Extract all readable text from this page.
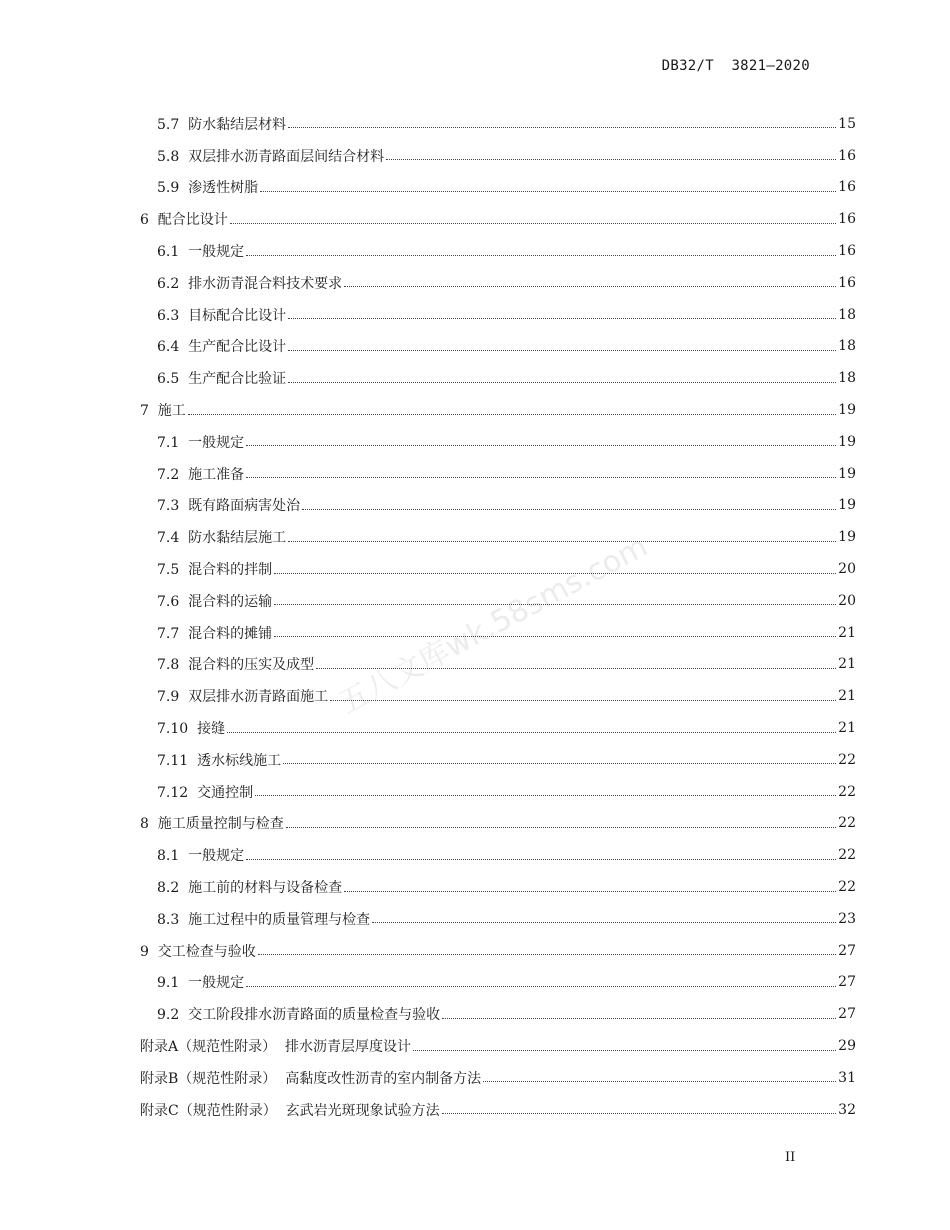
DB32/T  3821—2020
五八文库wk.58sms.com
5.7  防水黏结层材料	15
5.8  双层排水沥青路面层间结合材料	16
5.9  渗透性树脂	16
6  配合比设计	16
6.1  一般规定	16
6.2  排水沥青混合料技术要求	16
6.3  目标配合比设计	18
6.4  生产配合比设计	18
6.5  生产配合比验证	18
7  施工	19
7.1  一般规定	19
7.2  施工准备	19
7.3  既有路面病害处治	19
7.4  防水黏结层施工	19
7.5  混合料的拌制	20
7.6  混合料的运输	20
7.7  混合料的摊铺	21
7.8  混合料的压实及成型	21
7.9  双层排水沥青路面施工	21
7.10  接缝	21
7.11  透水标线施工	22
7.12  交通控制	22
8  施工质量控制与检查	22
8.1  一般规定	22
8.2  施工前的材料与设备检查	22
8.3  施工过程中的质量管理与检查	23
9  交工检查与验收	27
9.1  一般规定	27
9.2  交工阶段排水沥青路面的质量检查与验收	27
附录A（规范性附录）  排水沥青层厚度设计	29
附录B（规范性附录）  高黏度改性沥青的室内制备方法	31
附录C（规范性附录）  玄武岩光斑现象试验方法	32
II
